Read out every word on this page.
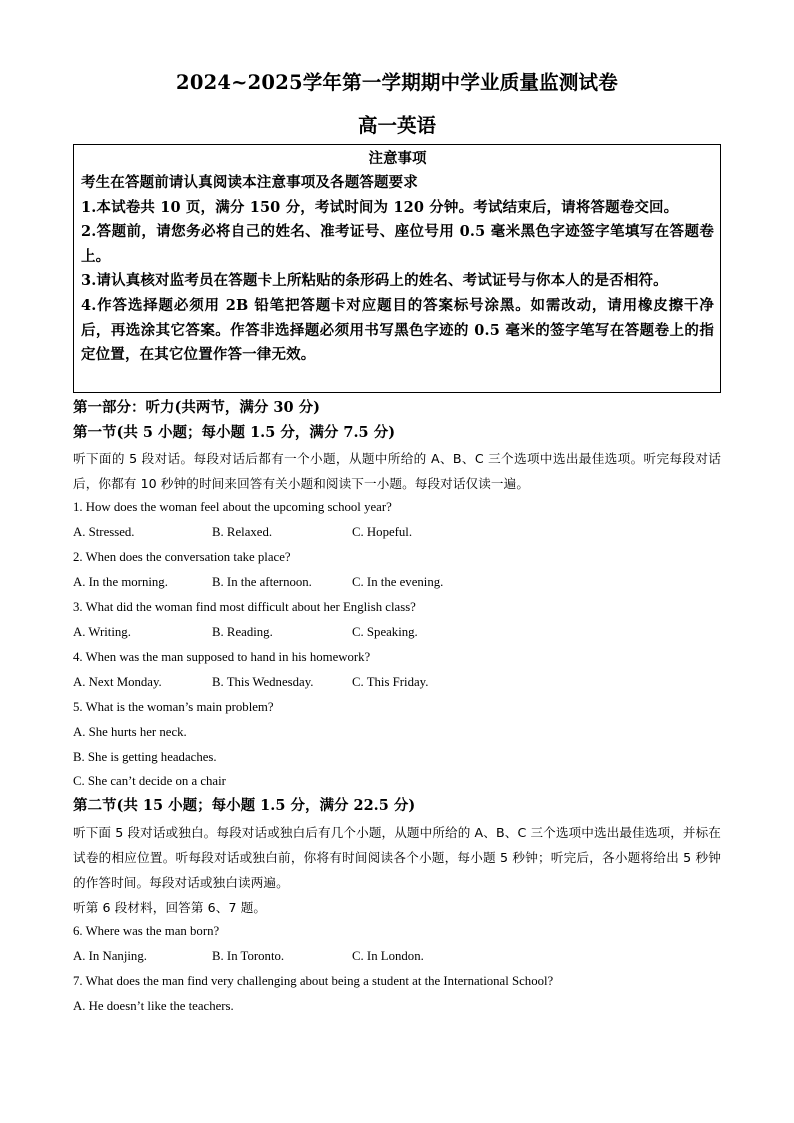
2024~2025学年第一学期期中学业质量监测试卷
高一英语
注意事项
考生在答题前请认真阅读本注意事项及各题答题要求
1.本试卷共 10 页，满分 150 分，考试时间为 120 分钟。考试结束后，请将答题卷交回。
2.答题前，请您务必将自己的姓名、准考证号、座位号用 0.5 毫米黑色字迹签字笔填写在答题卷上。
3.请认真核对监考员在答题卡上所粘贴的条形码上的姓名、考试证号与你本人的是否相符。
4.作答选择题必须用 2B 铅笔把答题卡对应题目的答案标号涂黑。如需改动，请用橡皮擦干净后，再选涂其它答案。作答非选择题必须用书写黑色字迹的 0.5 毫米的签字笔写在答题卷上的指定位置，在其它位置作答一律无效。
第一部分：听力(共两节，满分 30 分)
第一节(共 5 小题；每小题 1.5 分，满分 7.5 分)
听下面的 5 段对话。每段对话后都有一个小题，从题中所给的 A、B、C 三个选项中选出最佳选项。听完每段对话后，你都有 10 秒钟的时间来回答有关小题和阅读下一小题。每段对话仅读一遍。
1. How does the woman feel about the upcoming school year?
A. Stressed.	B. Relaxed.	C. Hopeful.
2. When does the conversation take place?
A. In the morning.	B. In the afternoon.	C. In the evening.
3. What did the woman find most difficult about her English class?
A. Writing.	B. Reading.	C. Speaking.
4. When was the man supposed to hand in his homework?
A. Next Monday.	B. This Wednesday.	C. This Friday.
5. What is the woman’s main problem?
A. She hurts her neck.
B. She is getting headaches.
C. She can’t decide on a chair
第二节(共 15 小题；每小题 1.5 分，满分 22.5 分)
听下面 5 段对话或独白。每段对话或独白后有几个小题，从题中所给的 A、B、C 三个选项中选出最佳选项，并标在试卷的相应位置。听每段对话或独白前，你将有时间阅读各个小题，每小题 5 秒钟；听完后，各小题将给出 5 秒钟的作答时间。每段对话或独白读两遍。
听第 6 段材料，回答第 6、7 题。
6. Where was the man born?
A. In Nanjing.	B. In Toronto.	C. In London.
7. What does the man find very challenging about being a student at the International School?
A. He doesn’t like the teachers.
